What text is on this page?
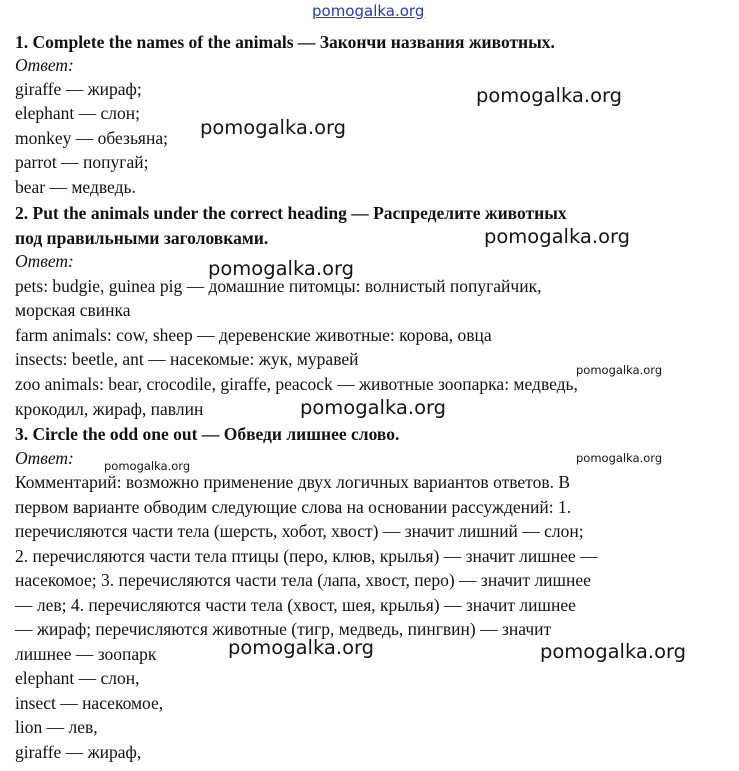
pomogalka.org
1. Complete the names of the animals — Закончи названия животных.
Ответ:
giraffe — жираф;
elephant — слон;
monkey — обезьяна;
parrot — попугай;
bear — медведь.
2. Put the animals under the correct heading — Распределите животных
под правильными заголовками.
Ответ:
pets: budgie, guinea pig — домашние питомцы: волнистый попугайчик,
морская свинка
farm animals: cow, sheep — деревенские животные: корова, овца
insects: beetle, ant — насекомые: жук, муравей
zoo animals: bear, crocodile, giraffe, peacock — животные зоопарка: медведь,
крокодил, жираф, павлин
3. Circle the odd one out — Обведи лишнее слово.
Ответ:
Комментарий: возможно применение двух логичных вариантов ответов. В
первом варианте обводим следующие слова на основании рассуждений: 1.
перечисляются части тела (шерсть, хобот, хвост) — значит лишний — слон;
2. перечисляются части тела птицы (перо, клюв, крылья) — значит лишнее —
насекомое; 3. перечисляются части тела (лапа, хвост, перо) — значит лишнее
— лев; 4. перечисляются части тела (хвост, шея, крылья) — значит лишнее
— жираф; перечисляются животные (тигр, медведь, пингвин) — значит
лишнее — зоопарк
elephant — слон,
insect — насекомое,
lion — лев,
giraffe — жираф,
pomogalka.org
pomogalka.org
pomogalka.org
pomogalka.org
pomogalka.org
pomogalka.org
pomogalka.org
pomogalka.org
pomogalka.org	pomogalka.org
